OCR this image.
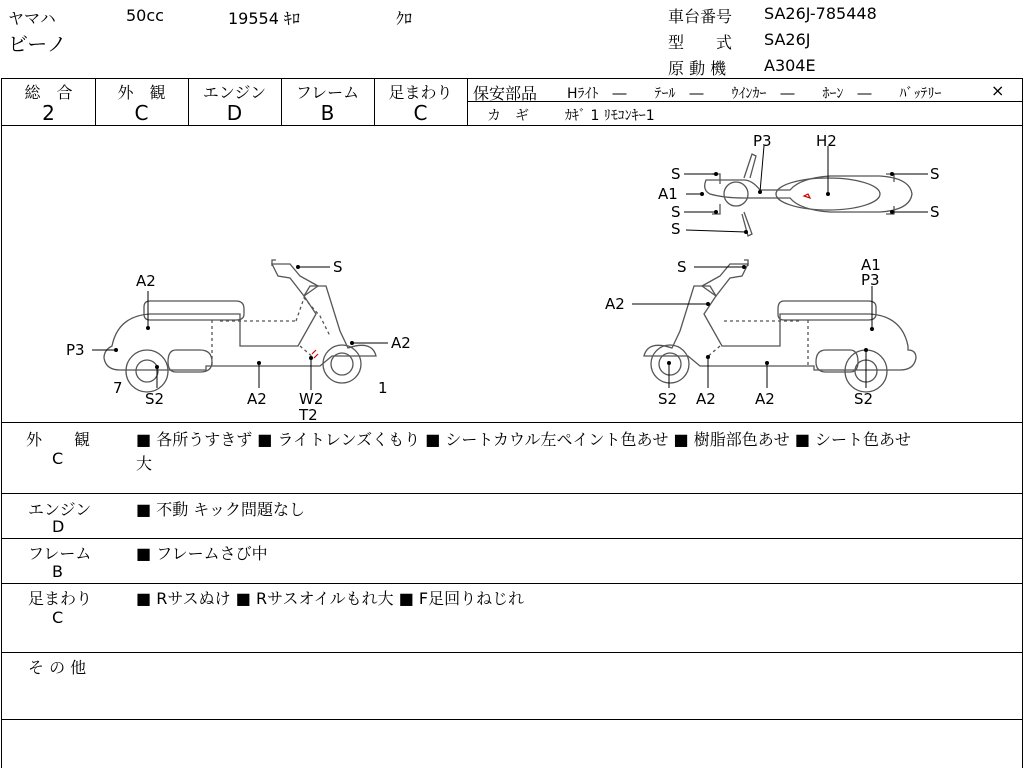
ヤマハ	50cc	19554 ｷﾛ	ｸﾛ
ビーノ
車台番号 SA26J-785448
型　　式 SA26J
原 動 機 A304E
総　合
2
外　観
C
エンジン
D
フレーム
B
足まわり
C
保安部品 Hﾗｲﾄ　―　　ﾃｰﾙ　―　　ｳｲﾝｶｰ　―　　ﾎｰﾝ　―　　ﾊﾞｯﾃﾘｰ	×
カ　ギ	ｶｷﾞ 1 ﾘﾓｺﾝｷｰ1
A2
S
P3	A2
7
S2	A2 W2
T2
1
P3	H2
S	S
A1
S	S
S
S	A1
P3
A2
S2 A2	A2	S2
外　　観
C
■ 各所うすきず ■ ライトレンズくもり ■ シートカウル左ペイント色あせ ■ 樹脂部色あせ ■ シート色あせ
大
エンジン
D
■ 不動 キック問題なし
フレーム
B
■ フレームさび中
足まわり
C
■ Rサスぬけ ■ Rサスオイルもれ大 ■ F足回りねじれ
そ の 他
